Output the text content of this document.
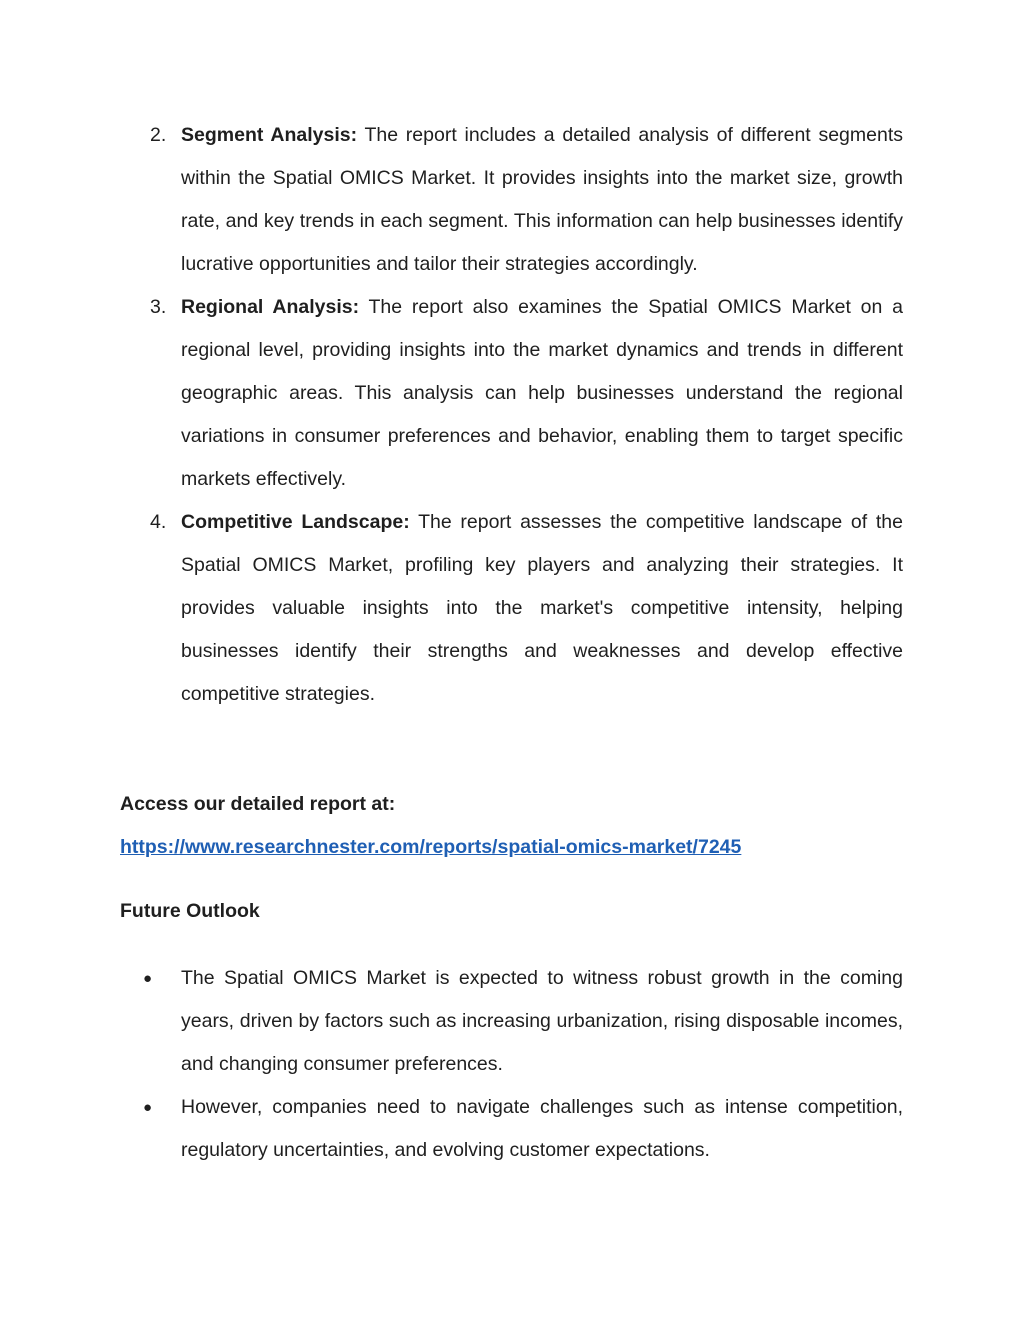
2. Segment Analysis: The report includes a detailed analysis of different segments within the Spatial OMICS Market. It provides insights into the market size, growth rate, and key trends in each segment. This information can help businesses identify lucrative opportunities and tailor their strategies accordingly.
3. Regional Analysis: The report also examines the Spatial OMICS Market on a regional level, providing insights into the market dynamics and trends in different geographic areas. This analysis can help businesses understand the regional variations in consumer preferences and behavior, enabling them to target specific markets effectively.
4. Competitive Landscape: The report assesses the competitive landscape of the Spatial OMICS Market, profiling key players and analyzing their strategies. It provides valuable insights into the market's competitive intensity, helping businesses identify their strengths and weaknesses and develop effective competitive strategies.
Access our detailed report at:
https://www.researchnester.com/reports/spatial-omics-market/7245
Future Outlook
● The Spatial OMICS Market is expected to witness robust growth in the coming years, driven by factors such as increasing urbanization, rising disposable incomes, and changing consumer preferences.
● However, companies need to navigate challenges such as intense competition, regulatory uncertainties, and evolving customer expectations.
